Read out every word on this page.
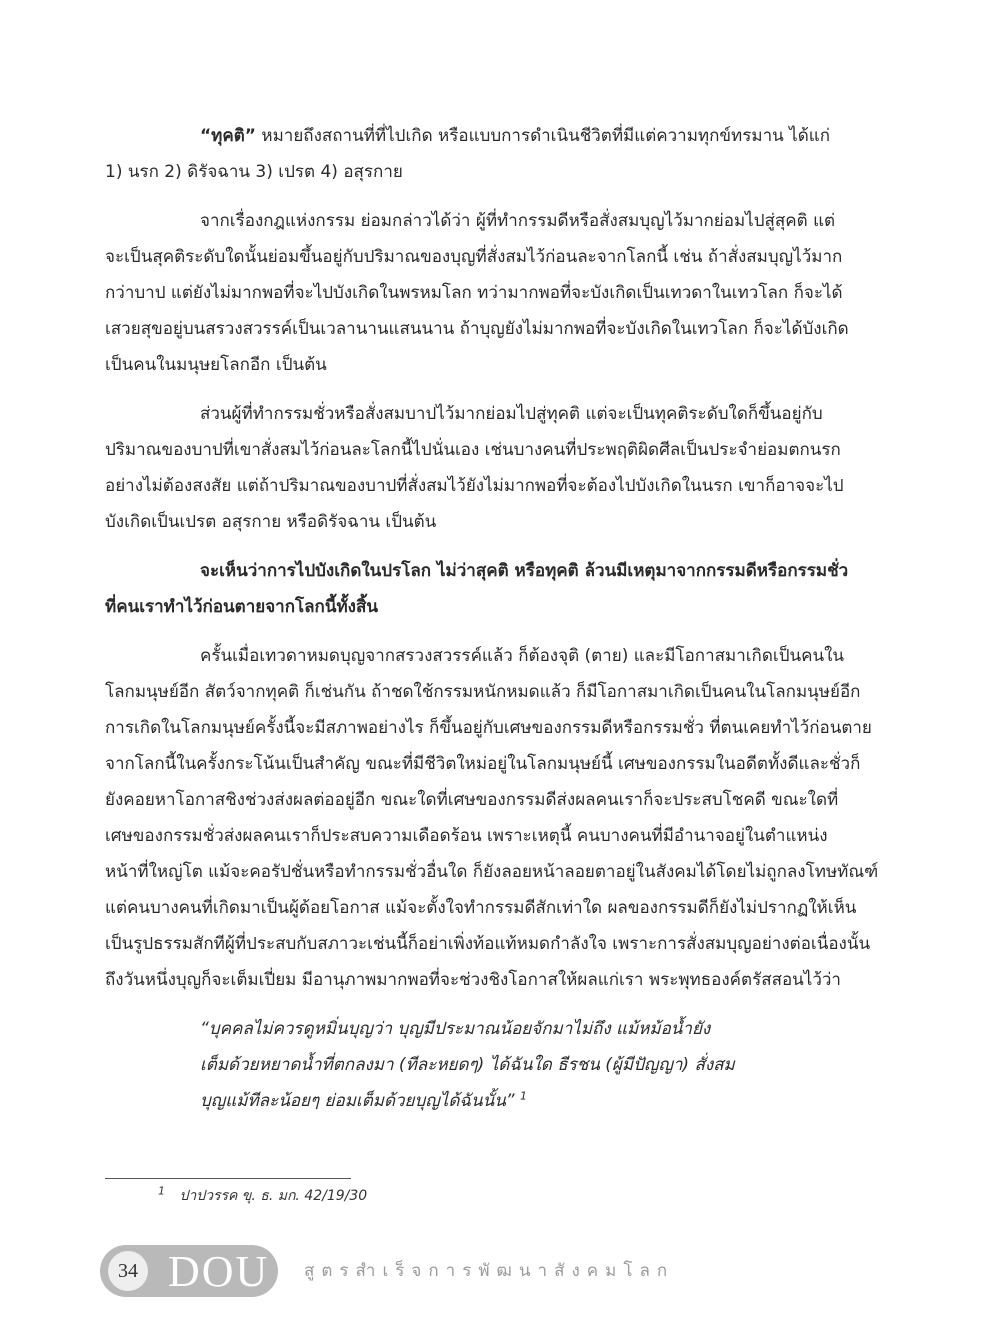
“ทุคติ” หมายถึงสถานที่ที่ไปเกิด หรือแบบการดำเนินชีวิตที่มีแต่ความทุกข์ทรมาน ได้แก่
1) นรก 2) ดิรัจฉาน 3) เปรต 4) อสุรกาย

จากเรื่องกฎแห่งกรรม ย่อมกล่าวได้ว่า ผู้ที่ทำกรรมดีหรือสั่งสมบุญไว้มากย่อมไปสู่สุคติ แต่
จะเป็นสุคติระดับใดนั้นย่อมขึ้นอยู่กับปริมาณของบุญที่สั่งสมไว้ก่อนละจากโลกนี้ เช่น ถ้าสั่งสมบุญไว้มาก
กว่าบาป แต่ยังไม่มากพอที่จะไปบังเกิดในพรหมโลก ทว่ามากพอที่จะบังเกิดเป็นเทวดาในเทวโลก ก็จะได้
เสวยสุขอยู่บนสรวงสวรรค์เป็นเวลานานแสนนาน ถ้าบุญยังไม่มากพอที่จะบังเกิดในเทวโลก ก็จะได้บังเกิด
เป็นคนในมนุษยโลกอีก เป็นต้น

ส่วนผู้ที่ทำกรรมชั่วหรือสั่งสมบาปไว้มากย่อมไปสู่ทุคติ แต่จะเป็นทุคติระดับใดก็ขึ้นอยู่กับ
ปริมาณของบาปที่เขาสั่งสมไว้ก่อนละโลกนี้ไปนั่นเอง เช่นบางคนที่ประพฤติผิดศีลเป็นประจำย่อมตกนรก
อย่างไม่ต้องสงสัย แต่ถ้าปริมาณของบาปที่สั่งสมไว้ยังไม่มากพอที่จะต้องไปบังเกิดในนรก เขาก็อาจจะไป
บังเกิดเป็นเปรต อสุรกาย หรือดิรัจฉาน เป็นต้น

จะเห็นว่าการไปบังเกิดในปรโลก ไม่ว่าสุคติ หรือทุคติ ล้วนมีเหตุมาจากกรรมดีหรือกรรมชั่ว
ที่คนเราทำไว้ก่อนตายจากโลกนี้ทั้งสิ้น

ครั้นเมื่อเทวดาหมดบุญจากสรวงสวรรค์แล้ว ก็ต้องจุติ (ตาย) และมีโอกาสมาเกิดเป็นคนใน
โลกมนุษย์อีก สัตว์จากทุคติ ก็เช่นกัน ถ้าชดใช้กรรมหนักหมดแล้ว ก็มีโอกาสมาเกิดเป็นคนในโลกมนุษย์อีก
การเกิดในโลกมนุษย์ครั้งนี้จะมีสภาพอย่างไร ก็ขึ้นอยู่กับเศษของกรรมดีหรือกรรมชั่ว ที่ตนเคยทำไว้ก่อนตาย
จากโลกนี้ในครั้งกระโน้นเป็นสำคัญ ขณะที่มีชีวิตใหม่อยู่ในโลกมนุษย์นี้ เศษของกรรมในอดีตทั้งดีและชั่วก็
ยังคอยหาโอกาสชิงช่วงส่งผลต่ออยู่อีก ขณะใดที่เศษของกรรมดีส่งผลคนเราก็จะประสบโชคดี ขณะใดที่
เศษของกรรมชั่วส่งผลคนเราก็ประสบความเดือดร้อน เพราะเหตุนี้ คนบางคนที่มีอำนาจอยู่ในตำแหน่ง
หน้าที่ใหญ่โต แม้จะคอรัปชั่นหรือทำกรรมชั่วอื่นใด ก็ยังลอยหน้าลอยตาอยู่ในสังคมได้โดยไม่ถูกลงโทษทัณฑ์
แต่คนบางคนที่เกิดมาเป็นผู้ด้อยโอกาส แม้จะตั้งใจทำกรรมดีสักเท่าใด ผลของกรรมดีก็ยังไม่ปรากฏให้เห็น
เป็นรูปธรรมสักทีผู้ที่ประสบกับสภาวะเช่นนี้ก็อย่าเพิ่งท้อแท้หมดกำลังใจ เพราะการสั่งสมบุญอย่างต่อเนื่องนั้น
ถึงวันหนึ่งบุญก็จะเต็มเปี่ยม มีอานุภาพมากพอที่จะช่วงชิงโอกาสให้ผลแก่เรา พระพุทธองค์ตรัสสอนไว้ว่า

“บุคคลไม่ควรดูหมิ่นบุญว่า บุญมีประมาณน้อยจักมาไม่ถึง แม้หม้อน้ำยัง
เต็มด้วยหยาดน้ำที่ตกลงมา (ทีละหยดๆ) ได้ฉันใด ธีรชน (ผู้มีปัญญา) สั่งสม
บุญแม้ทีละน้อยๆ ย่อมเต็มด้วยบุญได้ฉันนั้น” $^1$
$^1$ ปาปวรรค ขุ. ธ. มก. 42/19/30
34 DOU สูตรสำเร็จการพัฒนาสังคมโลก
